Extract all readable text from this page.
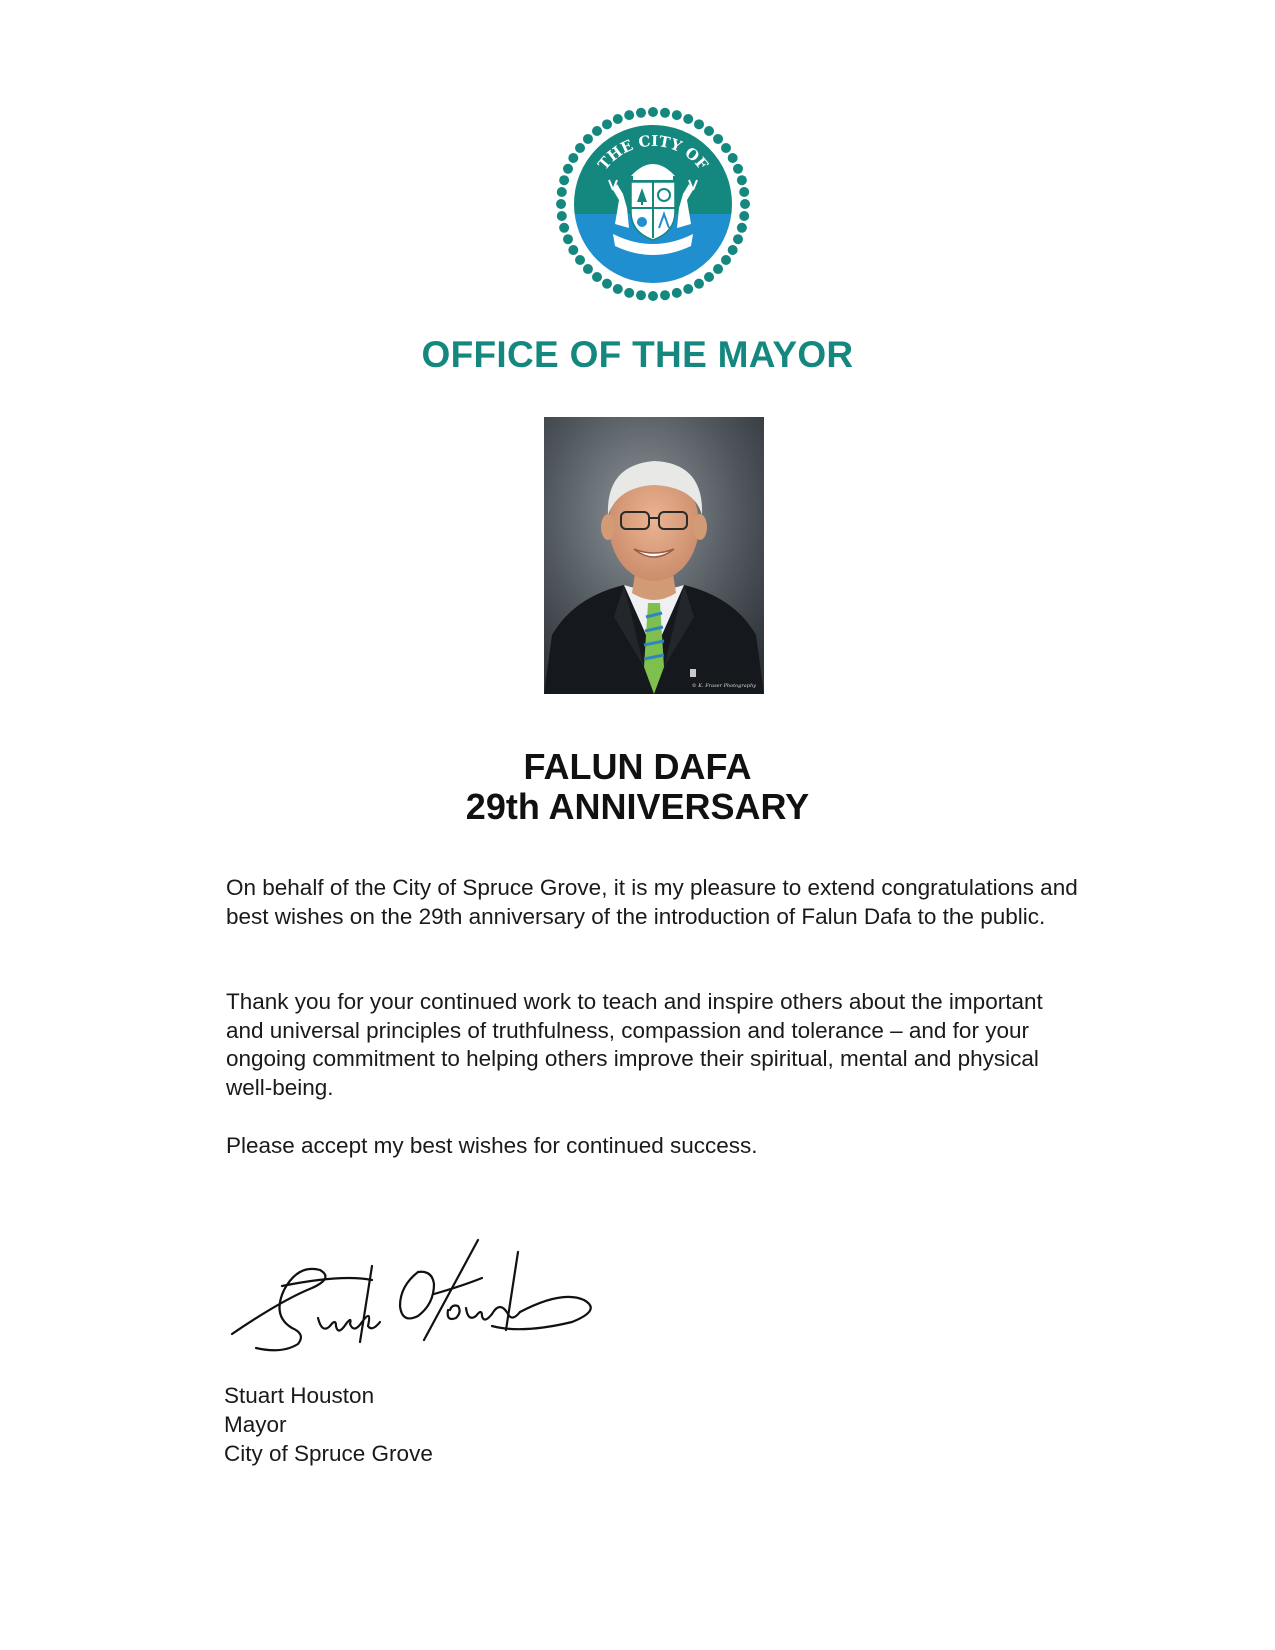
THE CITY OF
SPRUCE GROVE
OFFICE OF THE MAYOR
© K. Fraser Photography
FALUN DAFA
29th ANNIVERSARY
On behalf of the City of Spruce Grove, it is my pleasure to extend congratulations and best wishes on the 29th anniversary of the introduction of Falun Dafa to the public.
Thank you for your continued work to teach and inspire others about the important and universal principles of truthfulness, compassion and tolerance – and for your ongoing commitment to helping others improve their spiritual, mental and physical well-being.
Please accept my best wishes for continued success.
Stuart Houston
Mayor
City of Spruce Grove
